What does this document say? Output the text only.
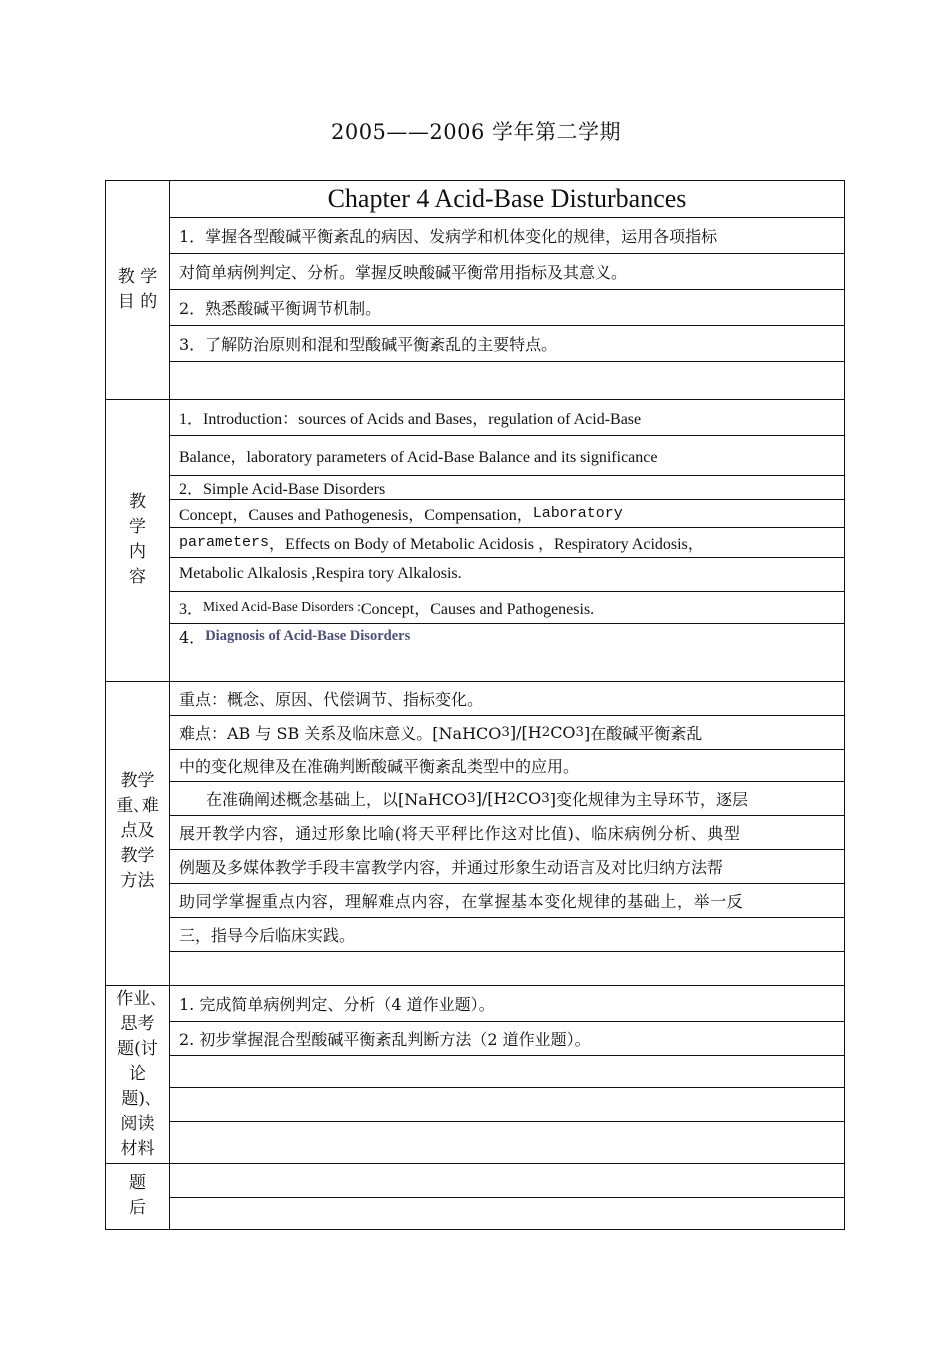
2005——2006 学年第二学期
教 学
目 的
Chapter 4 Acid-Base Disturbances
1．掌握各型酸碱平衡紊乱的病因、发病学和机体变化的规律，运用各项指标
对简单病例判定、分析。掌握反映酸碱平衡常用指标及其意义。
2．熟悉酸碱平衡调节机制。
3．了解防治原则和混和型酸碱平衡紊乱的主要特点。
教
学
内
容
1．Introduction：sources of Acids and Bases，regulation of Acid-Base
Balance，laboratory parameters of Acid-Base Balance and its significance
2．Simple Acid-Base Disorders
Concept，Causes and Pathogenesis，Compensation， Laboratory
parameters ，Effects on Body of Metabolic Acidosis ，Respiratory Acidosis，
Metabolic Alkalosis ,Respira tory Alkalosis.
3． Mixed Acid-Base Disorders : Concept，Causes and Pathogenesis.
4． Diagnosis of Acid-Base Disorders
教学
重､难
点及
教学
方法
重点：概念、原因、代偿调节、指标变化。
难点：AB 与 SB 关系及临床意义。[NaHCO 3 ]/[H 2 CO 3 ]在酸碱平衡紊乱
中的变化规律及在准确判断酸碱平衡紊乱类型中的应用。
在准确阐述概念基础上，以[NaHCO 3 ]/[H 2 CO 3 ]变化规律为主导环节，逐层
展开教学内容，通过形象比喻(将天平秤比作这对比值)、临床病例分析、典型
例题及多媒体教学手段丰富教学内容，并通过形象生动语言及对比归纳方法帮
助同学掌握重点内容，理解难点内容，在掌握基本变化规律的基础上，举一反
三，指导今后临床实践。
作业､
思考
题(讨
论
题)､
阅读
材料
1. 完成简单病例判定、分析（4 道作业题）。
2. 初步掌握混合型酸碱平衡紊乱判断方法（2 道作业题）。
题
后
